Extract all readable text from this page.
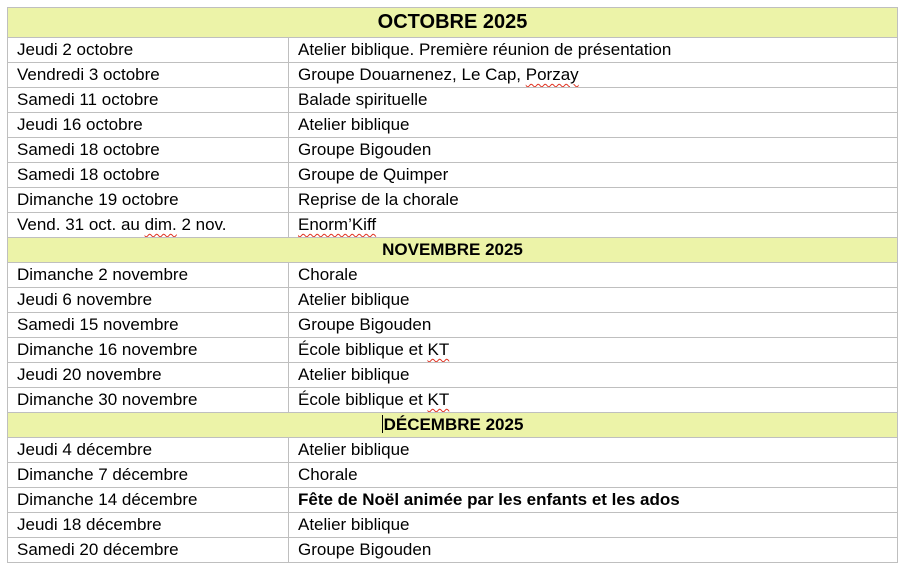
OCTOBRE 2025	
Jeudi 2 octobre	Atelier biblique. Première réunion de présentation
Vendredi 3 octobre	Groupe Douarnenez, Le Cap, Porzay
Samedi 11 octobre	Balade spirituelle
Jeudi 16 octobre	Atelier biblique
Samedi 18 octobre	Groupe Bigouden
Samedi 18 octobre	Groupe de Quimper
Dimanche 19 octobre	Reprise de la chorale
Vend. 31 oct. au dim. 2 nov.	Enorm’Kiff
NOVEMBRE 2025	
Dimanche 2 novembre	Chorale
Jeudi 6 novembre	Atelier biblique
Samedi 15 novembre	Groupe Bigouden
Dimanche 16 novembre	École biblique et KT
Jeudi 20 novembre	Atelier biblique
Dimanche 30 novembre	École biblique et KT
DÉCEMBRE 2025	
Jeudi 4 décembre	Atelier biblique
Dimanche 7 décembre	Chorale
Dimanche 14 décembre	Fête de Noël animée par les enfants et les ados
Jeudi 18 décembre	Atelier biblique
Samedi 20 décembre	Groupe Bigouden
